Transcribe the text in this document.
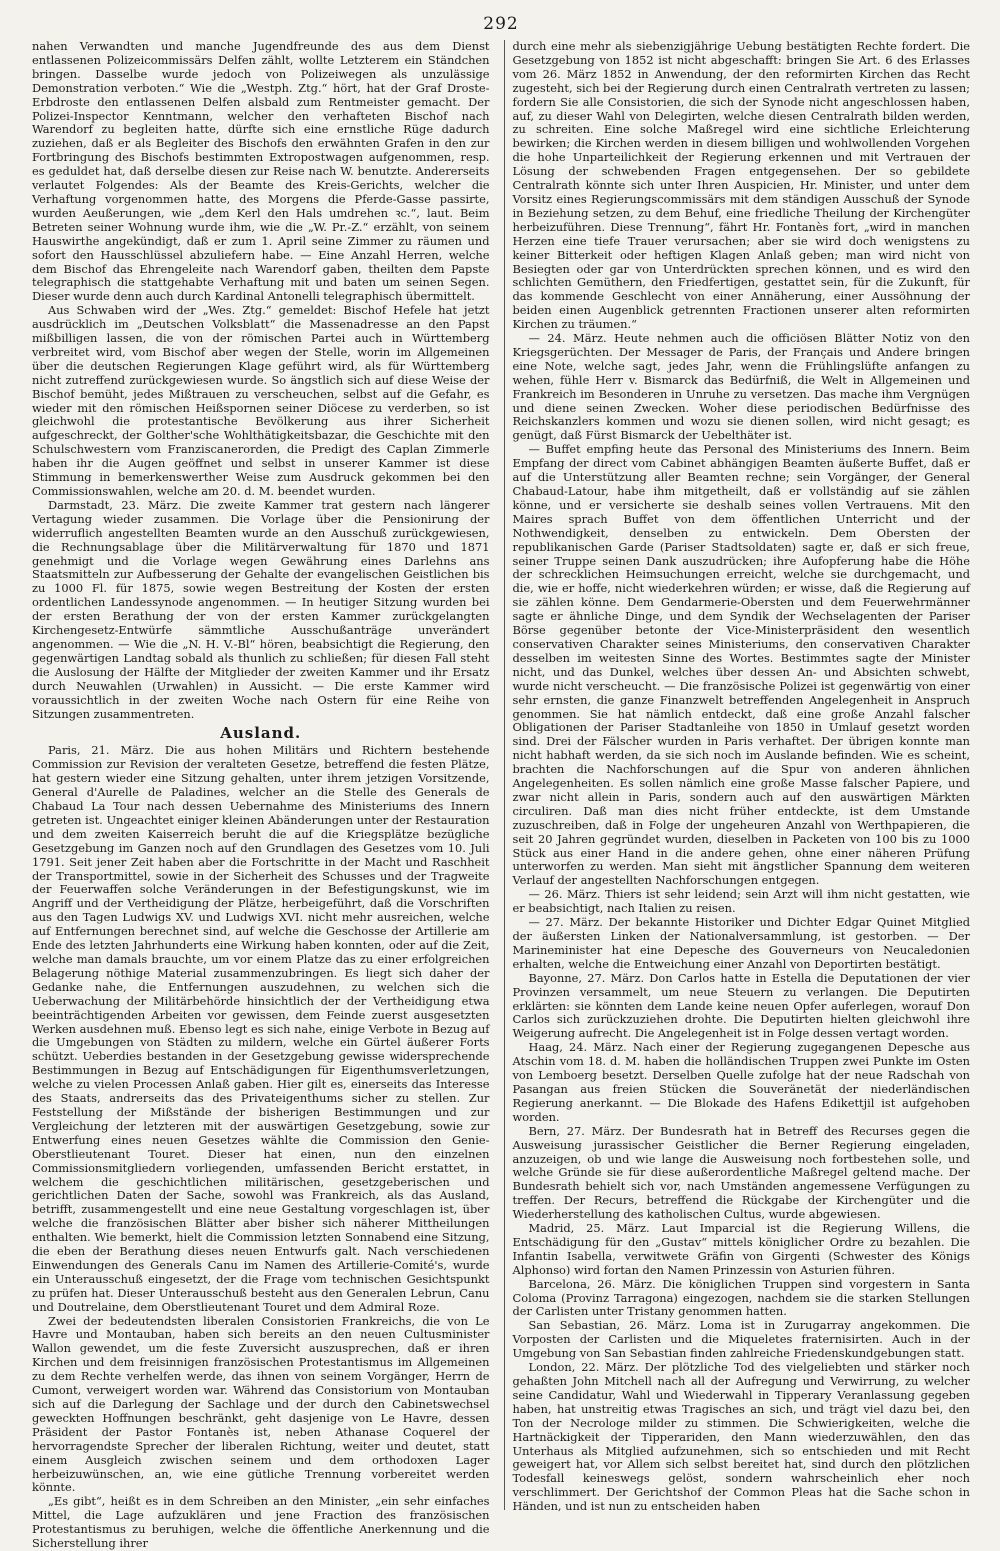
292

nahen Verwandten und manche Jugendfreunde des aus dem Dienst entlassenen Polizeicommissärs Delfen zählt, wollte Letzterem ein Ständchen bringen. Dasselbe wurde jedoch von Polizeiwegen als unzulässige Demonstration verboten.“ Wie die „Westph. Ztg.“ hört, hat der Graf Droste-Erbdroste den entlassenen Delfen alsbald zum Rentmeister gemacht. Der Polizei-Inspector Kenntmann, welcher den verhafteten Bischof nach Warendorf zu begleiten hatte, dürfte sich eine ernstliche Rüge dadurch zuziehen, daß er als Begleiter des Bischofs den erwähnten Grafen in den zur Fortbringung des Bischofs bestimmten Extropostwagen aufgenommen, resp. es geduldet hat, daß derselbe diesen zur Reise nach W. benutzte. Andererseits verlautet Folgendes: Als der Beamte des Kreis-Gerichts, welcher die Verhaftung vorgenommen hatte, des Morgens die Pferde-Gasse passirte, wurden Aeußerungen, wie „dem Kerl den Hals umdrehen ꝛc.“, laut. Beim Betreten seiner Wohnung wurde ihm, wie die „W. Pr.-Z.“ erzählt, von seinem Hauswirthe angekündigt, daß er zum 1. April seine Zimmer zu räumen und sofort den Hausschlüssel abzuliefern habe. — Eine Anzahl Herren, welche dem Bischof das Ehrengeleite nach Warendorf gaben, theilten dem Papste telegraphisch die stattgehabte Verhaftung mit und baten um seinen Segen. Dieser wurde denn auch durch Kardinal Antonelli telegraphisch übermittelt.

Aus Schwaben wird der „Wes. Ztg.“ gemeldet: Bischof Hefele hat jetzt ausdrücklich im „Deutschen Volksblatt“ die Massenadresse an den Papst mißbilligen lassen, die von der römischen Partei auch in Württemberg verbreitet wird, vom Bischof aber wegen der Stelle, worin im Allgemeinen über die deutschen Regierungen Klage geführt wird, als für Württemberg nicht zutreffend zurückgewiesen wurde. So ängstlich sich auf diese Weise der Bischof bemüht, jedes Mißtrauen zu verscheuchen, selbst auf die Gefahr, es wieder mit den römischen Heißspornen seiner Diöcese zu verderben, so ist gleichwohl die protestantische Bevölkerung aus ihrer Sicherheit aufgeschreckt, der Golther'sche Wohlthätigkeitsbazar, die Geschichte mit den Schulschwestern vom Franziscanerorden, die Predigt des Caplan Zimmerle haben ihr die Augen geöffnet und selbst in unserer Kammer ist diese Stimmung in bemerkenswerther Weise zum Ausdruck gekommen bei den Commissionswahlen, welche am 20. d. M. beendet wurden.

Darmstadt, 23. März. Die zweite Kammer trat gestern nach längerer Vertagung wieder zusammen. Die Vorlage über die Pensionirung der widerruflich angestellten Beamten wurde an den Ausschuß zurückgewiesen, die Rechnungsablage über die Militärverwaltung für 1870 und 1871 genehmigt und die Vorlage wegen Gewährung eines Darlehns ans Staatsmitteln zur Aufbesserung der Gehalte der evangelischen Geistlichen bis zu 1000 Fl. für 1875, sowie wegen Bestreitung der Kosten der ersten ordentlichen Landessynode angenommen. — In heutiger Sitzung wurden bei der ersten Berathung der von der ersten Kammer zurückgelangten Kirchengesetz-Entwürfe sämmtliche Ausschußanträge unverändert angenommen. — Wie die „N. H. V.-Bl“ hören, beabsichtigt die Regierung, den gegenwärtigen Landtag sobald als thunlich zu schließen; für diesen Fall steht die Auslosung der Hälfte der Mitglieder der zweiten Kammer und ihr Ersatz durch Neuwahlen (Urwahlen) in Aussicht. — Die erste Kammer wird voraussichtlich in der zweiten Woche nach Ostern für eine Reihe von Sitzungen zusammentreten.

Ausland.

Paris, 21. März. Die aus hohen Militärs und Richtern bestehende Commission zur Revision der veralteten Gesetze, betreffend die festen Plätze, hat gestern wieder eine Sitzung gehalten, unter ihrem jetzigen Vorsitzende, General d'Aurelle de Paladines, welcher an die Stelle des Generals de Chabaud La Tour nach dessen Uebernahme des Ministeriums des Innern getreten ist. Ungeachtet einiger kleinen Abänderungen unter der Restauration und dem zweiten Kaiserreich beruht die auf die Kriegsplätze bezügliche Gesetzgebung im Ganzen noch auf den Grundlagen des Gesetzes vom 10. Juli 1791. Seit jener Zeit haben aber die Fortschritte in der Macht und Raschheit der Transportmittel, sowie in der Sicherheit des Schusses und der Tragweite der Feuerwaffen solche Veränderungen in der Befestigungskunst, wie im Angriff und der Vertheidigung der Plätze, herbeigeführt, daß die Vorschriften aus den Tagen Ludwigs XV. und Ludwigs XVI. nicht mehr ausreichen, welche auf Entfernungen berechnet sind, auf welche die Geschosse der Artillerie am Ende des letzten Jahrhunderts eine Wirkung haben konnten, oder auf die Zeit, welche man damals brauchte, um vor einem Platze das zu einer erfolgreichen Belagerung nöthige Material zusammenzubringen. Es liegt sich daher der Gedanke nahe, die Entfernungen auszudehnen, zu welchen sich die Ueberwachung der Militärbehörde hinsichtlich der der Vertheidigung etwa beeinträchtigenden Arbeiten vor gewissen, dem Feinde zuerst ausgesetzten Werken ausdehnen muß. Ebenso legt es sich nahe, einige Verbote in Bezug auf die Umgebungen von Städten zu mildern, welche ein Gürtel äußerer Forts schützt. Ueberdies bestanden in der Gesetzgebung gewisse widersprechende Bestimmungen in Bezug auf Entschädigungen für Eigenthumsverletzungen, welche zu vielen Processen Anlaß gaben. Hier gilt es, einerseits das Interesse des Staats, andrerseits das des Privateigenthums sicher zu stellen. Zur Feststellung der Mißstände der bisherigen Bestimmungen und zur Vergleichung der letzteren mit der auswärtigen Gesetzgebung, sowie zur Entwerfung eines neuen Gesetzes wählte die Commission den Genie-Oberstlieutenant Touret. Dieser hat einen, nun den einzelnen Commissionsmitgliedern vorliegenden, umfassenden Bericht erstattet, in welchem die geschichtlichen militärischen, gesetzgeberischen und gerichtlichen Daten der Sache, sowohl was Frankreich, als das Ausland, betrifft, zusammengestellt und eine neue Gestaltung vorgeschlagen ist, über welche die französischen Blätter aber bisher sich näherer Mittheilungen enthalten. Wie bemerkt, hielt die Commission letzten Sonnabend eine Sitzung, die eben der Berathung dieses neuen Entwurfs galt. Nach verschiedenen Einwendungen des Generals Canu im Namen des Artillerie-Comité's, wurde ein Unterausschuß eingesetzt, der die Frage vom technischen Gesichtspunkt zu prüfen hat. Dieser Unterausschuß besteht aus den Generalen Lebrun, Canu und Doutrelaine, dem Oberstlieutenant Touret und dem Admiral Roze.

Zwei der bedeutendsten liberalen Consistorien Frankreichs, die von Le Havre und Montauban, haben sich bereits an den neuen Cultusminister Wallon gewendet, um die feste Zuversicht auszusprechen, daß er ihren Kirchen und dem freisinnigen französischen Protestantismus im Allgemeinen zu dem Rechte verhelfen werde, das ihnen von seinem Vorgänger, Herrn de Cumont, verweigert worden war. Während das Consistorium von Montauban sich auf die Darlegung der Sachlage und der durch den Cabinetswechsel geweckten Hoffnungen beschränkt, geht dasjenige von Le Havre, dessen Präsident der Pastor Fontanès ist, neben Athanase Coquerel der hervorragendste Sprecher der liberalen Richtung, weiter und deutet, statt einem Ausgleich zwischen seinem und dem orthodoxen Lager herbeizuwünschen, an, wie eine gütliche Trennung vorbereitet werden könnte.

„Es gibt“, heißt es in dem Schreiben an den Minister, „ein sehr einfaches Mittel, die Lage aufzuklären und jene Fraction des französischen Protestantismus zu beruhigen, welche die öffentliche Anerkennung und die Sicherstellung ihrer

durch eine mehr als siebenzigjährige Uebung bestätigten Rechte fordert. Die Gesetzgebung von 1852 ist nicht abgeschafft: bringen Sie Art. 6 des Erlasses vom 26. März 1852 in Anwendung, der den reformirten Kirchen das Recht zugesteht, sich bei der Regierung durch einen Centralrath vertreten zu lassen; fordern Sie alle Consistorien, die sich der Synode nicht angeschlossen haben, auf, zu dieser Wahl von Delegirten, welche diesen Centralrath bilden werden, zu schreiten. Eine solche Maßregel wird eine sichtliche Erleichterung bewirken; die Kirchen werden in diesem billigen und wohlwollenden Vorgehen die hohe Unparteilichkeit der Regierung erkennen und mit Vertrauen der Lösung der schwebenden Fragen entgegensehen. Der so gebildete Centralrath könnte sich unter Ihren Auspicien, Hr. Minister, und unter dem Vorsitz eines Regierungscommissärs mit dem ständigen Ausschuß der Synode in Beziehung setzen, zu dem Behuf, eine friedliche Theilung der Kirchengüter herbeizuführen. Diese Trennung“, fährt Hr. Fontanès fort, „wird in manchen Herzen eine tiefe Trauer verursachen; aber sie wird doch wenigstens zu keiner Bitterkeit oder heftigen Klagen Anlaß geben; man wird nicht von Besiegten oder gar von Unterdrückten sprechen können, und es wird den schlichten Gemüthern, den Friedfertigen, gestattet sein, für die Zukunft, für das kommende Geschlecht von einer Annäherung, einer Aussöhnung der beiden einen Augenblick getrennten Fractionen unserer alten reformirten Kirchen zu träumen.“

— 24. März. Heute nehmen auch die officiösen Blätter Notiz von den Kriegsgerüchten. Der Messager de Paris, der Français und Andere bringen eine Note, welche sagt, jedes Jahr, wenn die Frühlingslüfte anfangen zu wehen, fühle Herr v. Bismarck das Bedürfniß, die Welt in Allgemeinen und Frankreich im Besonderen in Unruhe zu versetzen. Das mache ihm Vergnügen und diene seinen Zwecken. Woher diese periodischen Bedürfnisse des Reichskanzlers kommen und wozu sie dienen sollen, wird nicht gesagt; es genügt, daß Fürst Bismarck der Uebelthäter ist.

— Buffet empfing heute das Personal des Ministeriums des Innern. Beim Empfang der direct vom Cabinet abhängigen Beamten äußerte Buffet, daß er auf die Unterstützung aller Beamten rechne; sein Vorgänger, der General Chabaud-Latour, habe ihm mitgetheilt, daß er vollständig auf sie zählen könne, und er versicherte sie deshalb seines vollen Vertrauens. Mit den Maires sprach Buffet von dem öffentlichen Unterricht und der Nothwendigkeit, denselben zu entwickeln. Dem Obersten der republikanischen Garde (Pariser Stadtsoldaten) sagte er, daß er sich freue, seiner Truppe seinen Dank auszudrücken; ihre Aufopferung habe die Höhe der schrecklichen Heimsuchungen erreicht, welche sie durchgemacht, und die, wie er hoffe, nicht wiederkehren würden; er wisse, daß die Regierung auf sie zählen könne. Dem Gendarmerie-Obersten und dem Feuerwehrmänner sagte er ähnliche Dinge, und dem Syndik der Wechselagenten der Pariser Börse gegenüber betonte der Vice-Ministerpräsident den wesentlich conservativen Charakter seines Ministeriums, den conservativen Charakter desselben im weitesten Sinne des Wortes. Bestimmtes sagte der Minister nicht, und das Dunkel, welches über dessen An- und Absichten schwebt, wurde nicht verscheucht. — Die französische Polizei ist gegenwärtig von einer sehr ernsten, die ganze Finanzwelt betreffenden Angelegenheit in Anspruch genommen. Sie hat nämlich entdeckt, daß eine große Anzahl falscher Obligationen der Pariser Stadtanleihe von 1850 in Umlauf gesetzt worden sind. Drei der Fälscher wurden in Paris verhaftet. Der übrigen konnte man nicht habhaft werden, da sie sich noch im Auslande befinden. Wie es scheint, brachten die Nachforschungen auf die Spur von anderen ähnlichen Angelegenheiten. Es sollen nämlich eine große Masse falscher Papiere, und zwar nicht allein in Paris, sondern auch auf den auswärtigen Märkten circuliren. Daß man dies nicht früher entdeckte, ist dem Umstande zuzuschreiben, daß in Folge der ungeheuren Anzahl von Werthpapieren, die seit 20 Jahren gegründet wurden, dieselben in Packeten von 100 bis zu 1000 Stück aus einer Hand in die andere gehen, ohne einer näheren Prüfung unterworfen zu werden. Man sieht mit ängstlicher Spannung dem weiteren Verlauf der angestellten Nachforschungen entgegen.

— 26. März. Thiers ist sehr leidend; sein Arzt will ihm nicht gestatten, wie er beabsichtigt, nach Italien zu reisen.

— 27. März. Der bekannte Historiker und Dichter Edgar Quinet Mitglied der äußersten Linken der Nationalversammlung, ist gestorben. — Der Marineminister hat eine Depesche des Gouverneurs von Neucaledonien erhalten, welche die Entweichung einer Anzahl von Deportirten bestätigt.

Bayonne, 27. März. Don Carlos hatte in Estella die Deputationen der vier Provinzen versammelt, um neue Steuern zu verlangen. Die Deputirten erklärten: sie könnten dem Lande keine neuen Opfer auferlegen, worauf Don Carlos sich zurückzuziehen drohte. Die Deputirten hielten gleichwohl ihre Weigerung aufrecht. Die Angelegenheit ist in Folge dessen vertagt worden.

Haag, 24. März. Nach einer der Regierung zugegangenen Depesche aus Atschin vom 18. d. M. haben die holländischen Truppen zwei Punkte im Osten von Lemboerg besetzt. Derselben Quelle zufolge hat der neue Radschah von Pasangan aus freien Stücken die Souveränetät der niederländischen Regierung anerkannt. — Die Blokade des Hafens Edikettjil ist aufgehoben worden.

Bern, 27. März. Der Bundesrath hat in Betreff des Recurses gegen die Ausweisung jurassischer Geistlicher die Berner Regierung eingeladen, anzuzeigen, ob und wie lange die Ausweisung noch fortbestehen solle, und welche Gründe sie für diese außerordentliche Maßregel geltend mache. Der Bundesrath behielt sich vor, nach Umständen angemessene Verfügungen zu treffen. Der Recurs, betreffend die Rückgabe der Kirchengüter und die Wiederherstellung des katholischen Cultus, wurde abgewiesen.

Madrid, 25. März. Laut Imparcial ist die Regierung Willens, die Entschädigung für den „Gustav“ mittels königlicher Ordre zu bezahlen. Die Infantin Isabella, verwitwete Gräfin von Girgenti (Schwester des Königs Alphonso) wird fortan den Namen Prinzessin von Asturien führen.

Barcelona, 26. März. Die königlichen Truppen sind vorgestern in Santa Coloma (Provinz Tarragona) eingezogen, nachdem sie die starken Stellungen der Carlisten unter Tristany genommen hatten.

San Sebastian, 26. März. Loma ist in Zurugarray angekommen. Die Vorposten der Carlisten und die Miqueletes fraternisirten. Auch in der Umgebung von San Sebastian finden zahlreiche Friedenskundgebungen statt.

London, 22. März. Der plötzliche Tod des vielgeliebten und stärker noch gehaßten John Mitchell nach all der Aufregung und Verwirrung, zu welcher seine Candidatur, Wahl und Wiederwahl in Tipperary Veranlassung gegeben haben, hat unstreitig etwas Tragisches an sich, und trägt viel dazu bei, den Ton der Necrologe milder zu stimmen. Die Schwierigkeiten, welche die Hartnäckigkeit der Tipperariden, den Mann wiederzuwählen, den das Unterhaus als Mitglied aufzunehmen, sich so entschieden und mit Recht geweigert hat, vor Allem sich selbst bereitet hat, sind durch den plötzlichen Todesfall keineswegs gelöst, sondern wahrscheinlich eher noch verschlimmert. Der Gerichtshof der Common Pleas hat die Sache schon in Händen, und ist nun zu entscheiden haben
